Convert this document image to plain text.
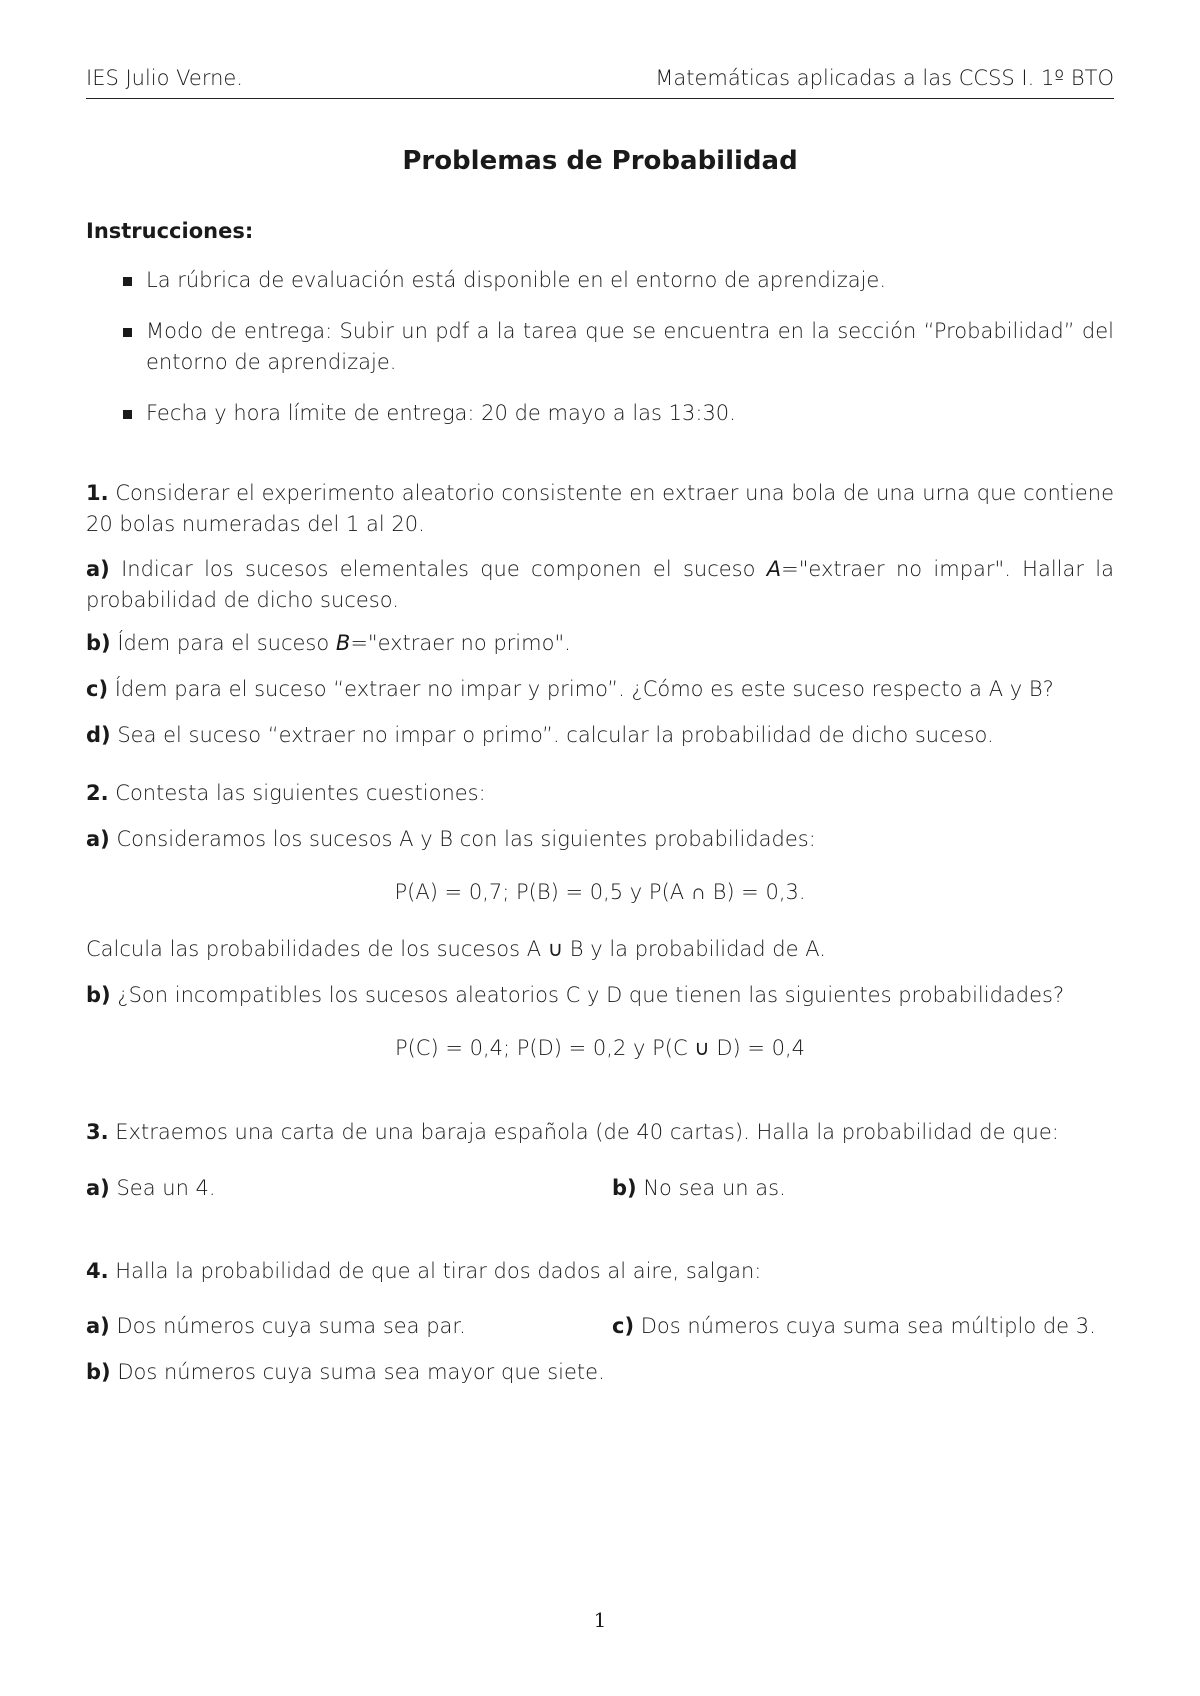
IES Julio Verne.	Matemáticas aplicadas a las CCSS I. 1º BTO
Problemas de Probabilidad
Instrucciones:
La rúbrica de evaluación está disponible en el entorno de aprendizaje.
Modo de entrega: Subir un pdf a la tarea que se encuentra en la sección “Probabilidad” del entorno de aprendizaje.
Fecha y hora límite de entrega: 20 de mayo a las 13:30.
1. Considerar el experimento aleatorio consistente en extraer una bola de una urna que contiene 20 bolas numeradas del 1 al 20.
a) Indicar los sucesos elementales que componen el suceso A="extraer no impar". Hallar la probabilidad de dicho suceso.
b) Ídem para el suceso B="extraer no primo".
c) Ídem para el suceso “extraer no impar y primo”. ¿Cómo es este suceso respecto a A y B?
d) Sea el suceso “extraer no impar o primo”. calcular la probabilidad de dicho suceso.
2. Contesta las siguientes cuestiones:
a) Consideramos los sucesos A y B con las siguientes probabilidades:
P(A) = 0,7; P(B) = 0,5 y P(A ∩ B) = 0,3.
Calcula las probabilidades de los sucesos A ∪ B y la probabilidad de A.
b) ¿Son incompatibles los sucesos aleatorios C y D que tienen las siguientes probabilidades?
P(C) = 0,4; P(D) = 0,2 y P(C ∪ D) = 0,4
3. Extraemos una carta de una baraja española (de 40 cartas). Halla la probabilidad de que:
a) Sea un 4.	b) No sea un as.
4. Halla la probabilidad de que al tirar dos dados al aire, salgan:
a) Dos números cuya suma sea par.	c) Dos números cuya suma sea múltiplo de 3.
b) Dos números cuya suma sea mayor que siete.
1
